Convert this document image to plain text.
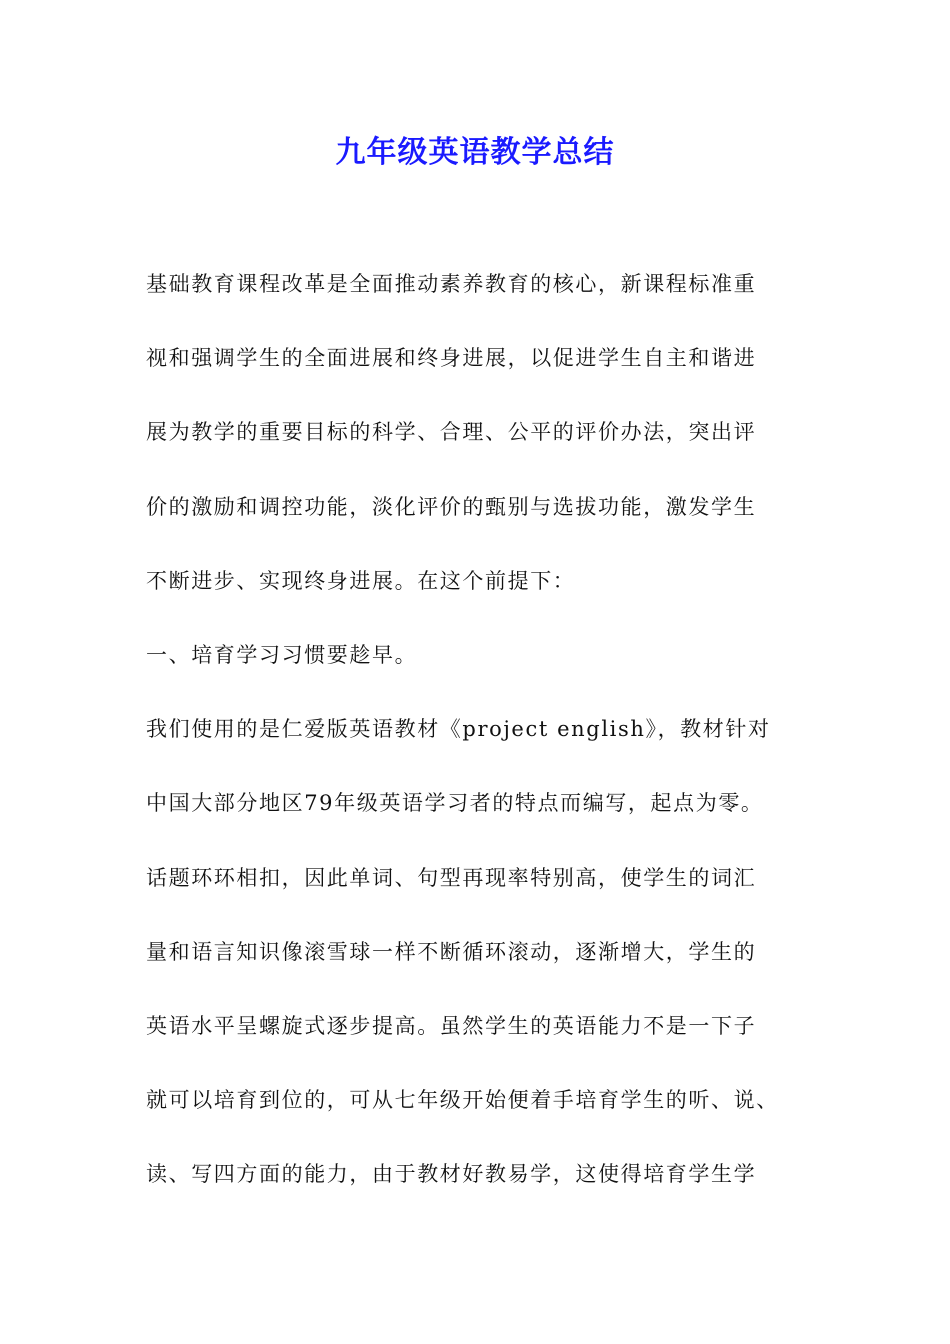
九年级英语教学总结
基础教育课程改革是全面推动素养教育的核心，新课程标准重
视和强调学生的全面进展和终身进展，以促进学生自主和谐进
展为教学的重要目标的科学、合理、公平的评价办法，突出评
价的激励和调控功能，淡化评价的甄别与选拔功能，激发学生
不断进步、实现终身进展。在这个前提下：
一、培育学习习惯要趁早。
我们使用的是仁爱版英语教材《project english》，教材针对
中国大部分地区79年级英语学习者的特点而编写，起点为零。
话题环环相扣，因此单词、句型再现率特别高，使学生的词汇
量和语言知识像滚雪球一样不断循环滚动，逐渐增大，学生的
英语水平呈螺旋式逐步提高。虽然学生的英语能力不是一下子
就可以培育到位的，可从七年级开始便着手培育学生的听、说、
读、写四方面的能力，由于教材好教易学，这使得培育学生学
